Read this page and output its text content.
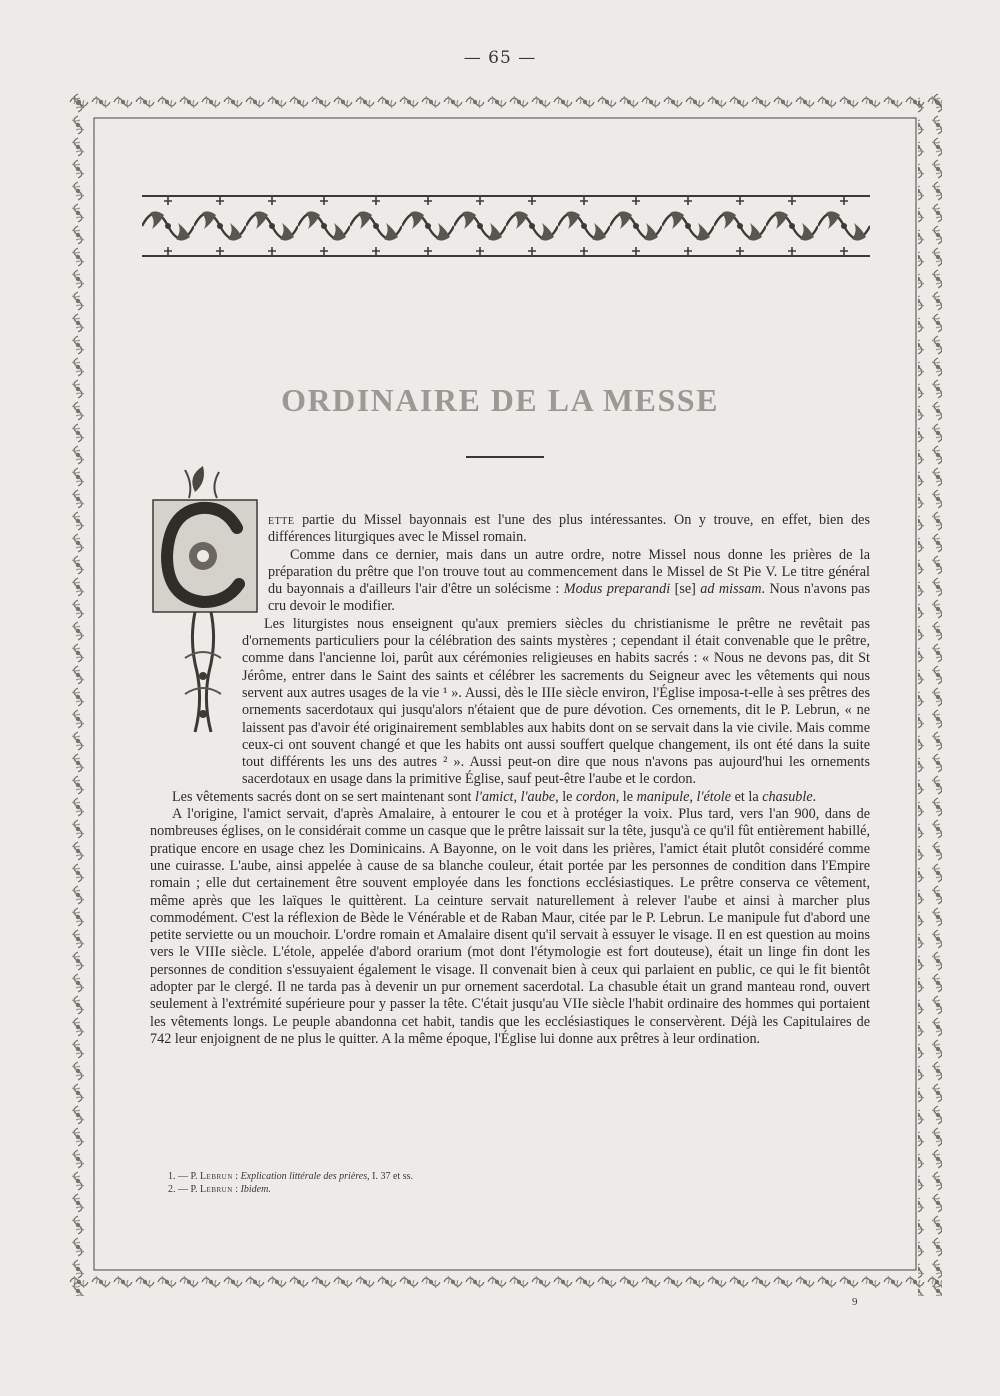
— 65 —
ORDINAIRE DE LA MESSE

ette partie du Missel bayonnais est l'une des plus intéressantes. On y trouve, en effet, bien des différences liturgiques avec le Missel romain.

Comme dans ce dernier, mais dans un autre ordre, notre Missel nous donne les prières de la préparation du prêtre que l'on trouve tout au commencement dans le Missel de St Pie V. Le titre général du bayonnais a d'ailleurs l'air d'être un solécisme : Modus preparandi [se] ad missam. Nous n'avons pas cru devoir le modifier.

Les liturgistes nous enseignent qu'aux premiers siècles du christianisme le prêtre ne revêtait pas d'ornements particuliers pour la célébration des saints mystères ; cependant il était convenable que le prêtre, comme dans l'ancienne loi, parût aux cérémonies religieuses en habits sacrés : « Nous ne devons pas, dit St Jérôme, entrer dans le Saint des saints et célébrer les sacrements du Seigneur avec les vêtements qui nous servent aux autres usages de la vie ¹ ». Aussi, dès le IIIe siècle environ, l'Église imposa-t-elle à ses prêtres des ornements sacerdotaux qui jusqu'alors n'étaient que de pure dévotion. Ces ornements, dit le P. Lebrun, « ne laissent pas d'avoir été originairement semblables aux habits dont on se servait dans la vie civile. Mais comme ceux-ci ont souvent changé et que les habits ont aussi souffert quelque changement, ils ont été dans la suite tout différents les uns des autres ² ». Aussi peut-on dire que nous n'avons pas aujourd'hui les ornements sacerdotaux en usage dans la primitive Église, sauf peut-être l'aube et le cordon.

Les vêtements sacrés dont on se sert maintenant sont l'amict, l'aube, le cordon, le manipule, l'étole et la chasuble.

A l'origine, l'amict servait, d'après Amalaire, à entourer le cou et à protéger la voix. Plus tard, vers l'an 900, dans de nombreuses églises, on le considérait comme un casque que le prêtre laissait sur la tête, jusqu'à ce qu'il fût entièrement habillé, pratique encore en usage chez les Dominicains. A Bayonne, on le voit dans les prières, l'amict était plutôt considéré comme une cuirasse. L'aube, ainsi appelée à cause de sa blanche couleur, était portée par les personnes de condition dans l'Empire romain ; elle dut certainement être souvent employée dans les fonctions ecclésiastiques. Le prêtre conserva ce vêtement, même après que les laïques le quittèrent. La ceinture servait naturellement à relever l'aube et ainsi à marcher plus commodément. C'est la réflexion de Bède le Vénérable et de Raban Maur, citée par le P. Lebrun. Le manipule fut d'abord une petite serviette ou un mouchoir. L'ordre romain et Amalaire disent qu'il servait à essuyer le visage. Il en est question au moins vers le VIIIe siècle. L'étole, appelée d'abord orarium (mot dont l'étymologie est fort douteuse), était un linge fin dont les personnes de condition s'essuyaient également le visage. Il convenait bien à ceux qui parlaient en public, ce qui le fit bientôt adopter par le clergé. Il ne tarda pas à devenir un pur ornement sacerdotal. La chasuble était un grand manteau rond, ouvert seulement à l'extrémité supérieure pour y passer la tête. C'était jusqu'au VIIe siècle l'habit ordinaire des hommes qui portaient les vêtements longs. Le peuple abandonna cet habit, tandis que les ecclésiastiques le conservèrent. Déjà les Capitulaires de 742 leur enjoignent de ne plus le quitter. A la même époque, l'Église lui donne aux prêtres à leur ordination.

1. — P. Lebrun : Explication littérale des prières, I. 37 et ss.
2. — P. Lebrun : Ibidem.
9
